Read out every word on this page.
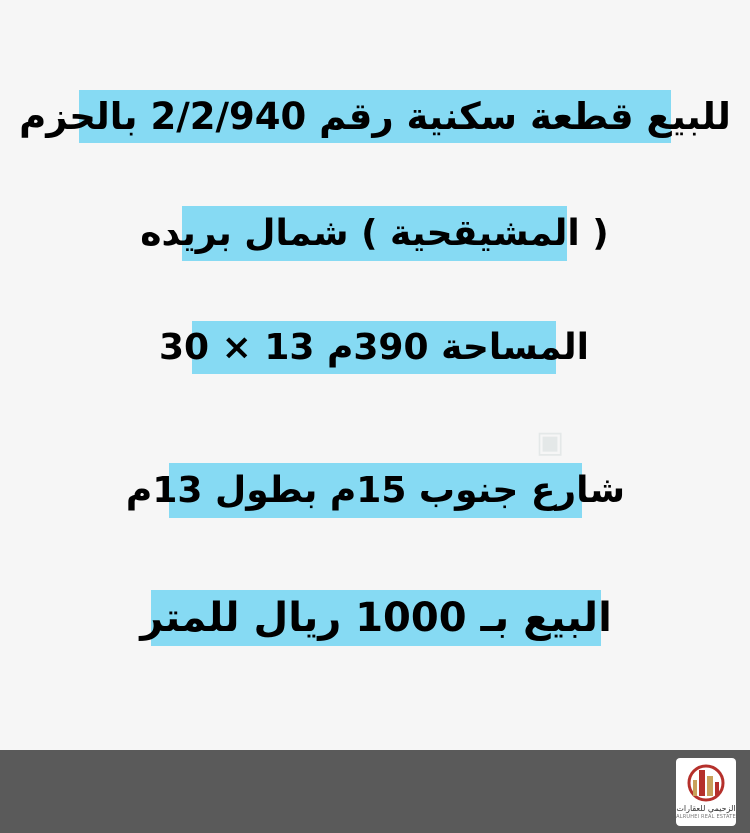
للبيع قطعة سكنية رقم 2/2/940 بالحزم
( المشيقحية ) شمال بريده
المساحة 390م 13 × 30
▣
شارع جنوب 15م بطول 13م
البيع بـ 1000 ريال للمتر
الزحيمي للعقارات
ALRUHEI REAL ESTATE
